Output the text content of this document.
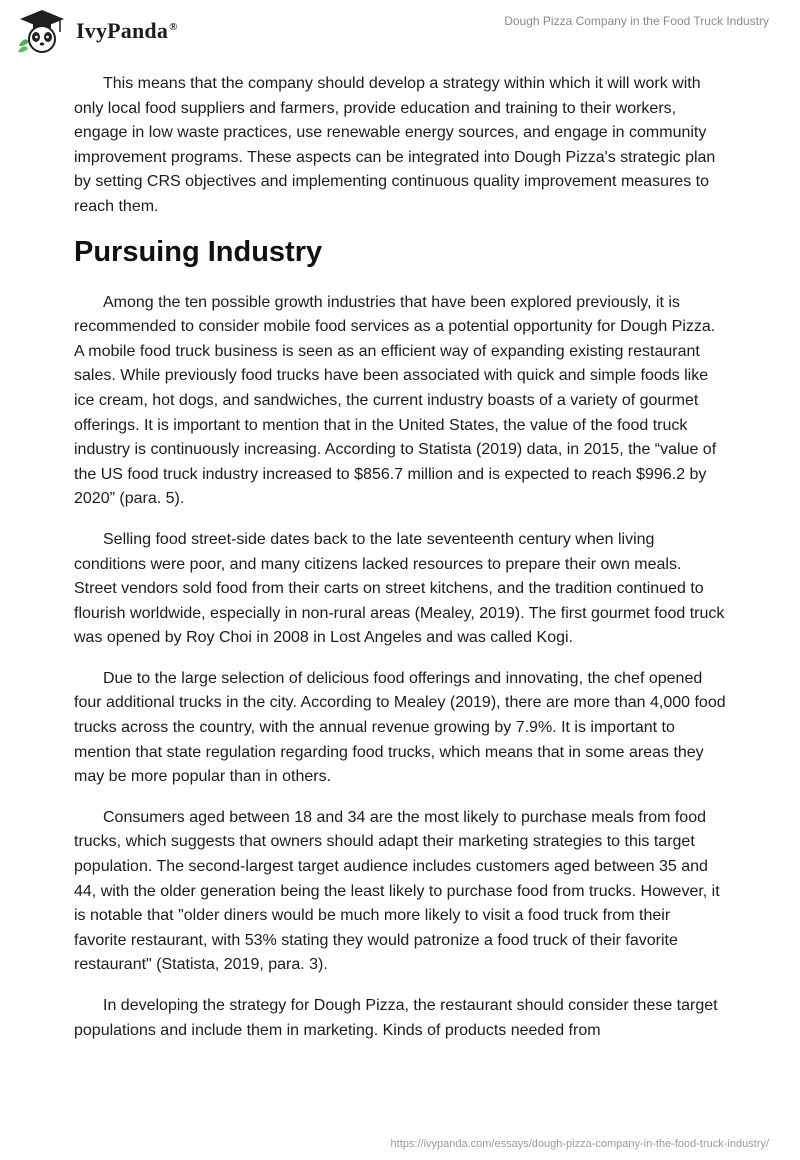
IvyPanda®	Dough Pizza Company in the Food Truck Industry

This means that the company should develop a strategy within which it will work with only local food suppliers and farmers, provide education and training to their workers, engage in low waste practices, use renewable energy sources, and engage in community improvement programs. These aspects can be integrated into Dough Pizza's strategic plan by setting CRS objectives and implementing continuous quality improvement measures to reach them.

Pursuing Industry

Among the ten possible growth industries that have been explored previously, it is recommended to consider mobile food services as a potential opportunity for Dough Pizza. A mobile food truck business is seen as an efficient way of expanding existing restaurant sales. While previously food trucks have been associated with quick and simple foods like ice cream, hot dogs, and sandwiches, the current industry boasts of a variety of gourmet offerings. It is important to mention that in the United States, the value of the food truck industry is continuously increasing. According to Statista (2019) data, in 2015, the “value of the US food truck industry increased to $856.7 million and is expected to reach $996.2 by 2020” (para. 5).

Selling food street-side dates back to the late seventeenth century when living conditions were poor, and many citizens lacked resources to prepare their own meals. Street vendors sold food from their carts on street kitchens, and the tradition continued to flourish worldwide, especially in non-rural areas (Mealey, 2019). The first gourmet food truck was opened by Roy Choi in 2008 in Lost Angeles and was called Kogi.

Due to the large selection of delicious food offerings and innovating, the chef opened four additional trucks in the city. According to Mealey (2019), there are more than 4,000 food trucks across the country, with the annual revenue growing by 7.9%. It is important to mention that state regulation regarding food trucks, which means that in some areas they may be more popular than in others.

Consumers aged between 18 and 34 are the most likely to purchase meals from food trucks, which suggests that owners should adapt their marketing strategies to this target population. The second-largest target audience includes customers aged between 35 and 44, with the older generation being the least likely to purchase food from trucks. However, it is notable that "older diners would be much more likely to visit a food truck from their favorite restaurant, with 53% stating they would patronize a food truck of their favorite restaurant" (Statista, 2019, para. 3).

In developing the strategy for Dough Pizza, the restaurant should consider these target populations and include them in marketing. Kinds of products needed from

https://ivypanda.com/essays/dough-pizza-company-in-the-food-truck-industry/
